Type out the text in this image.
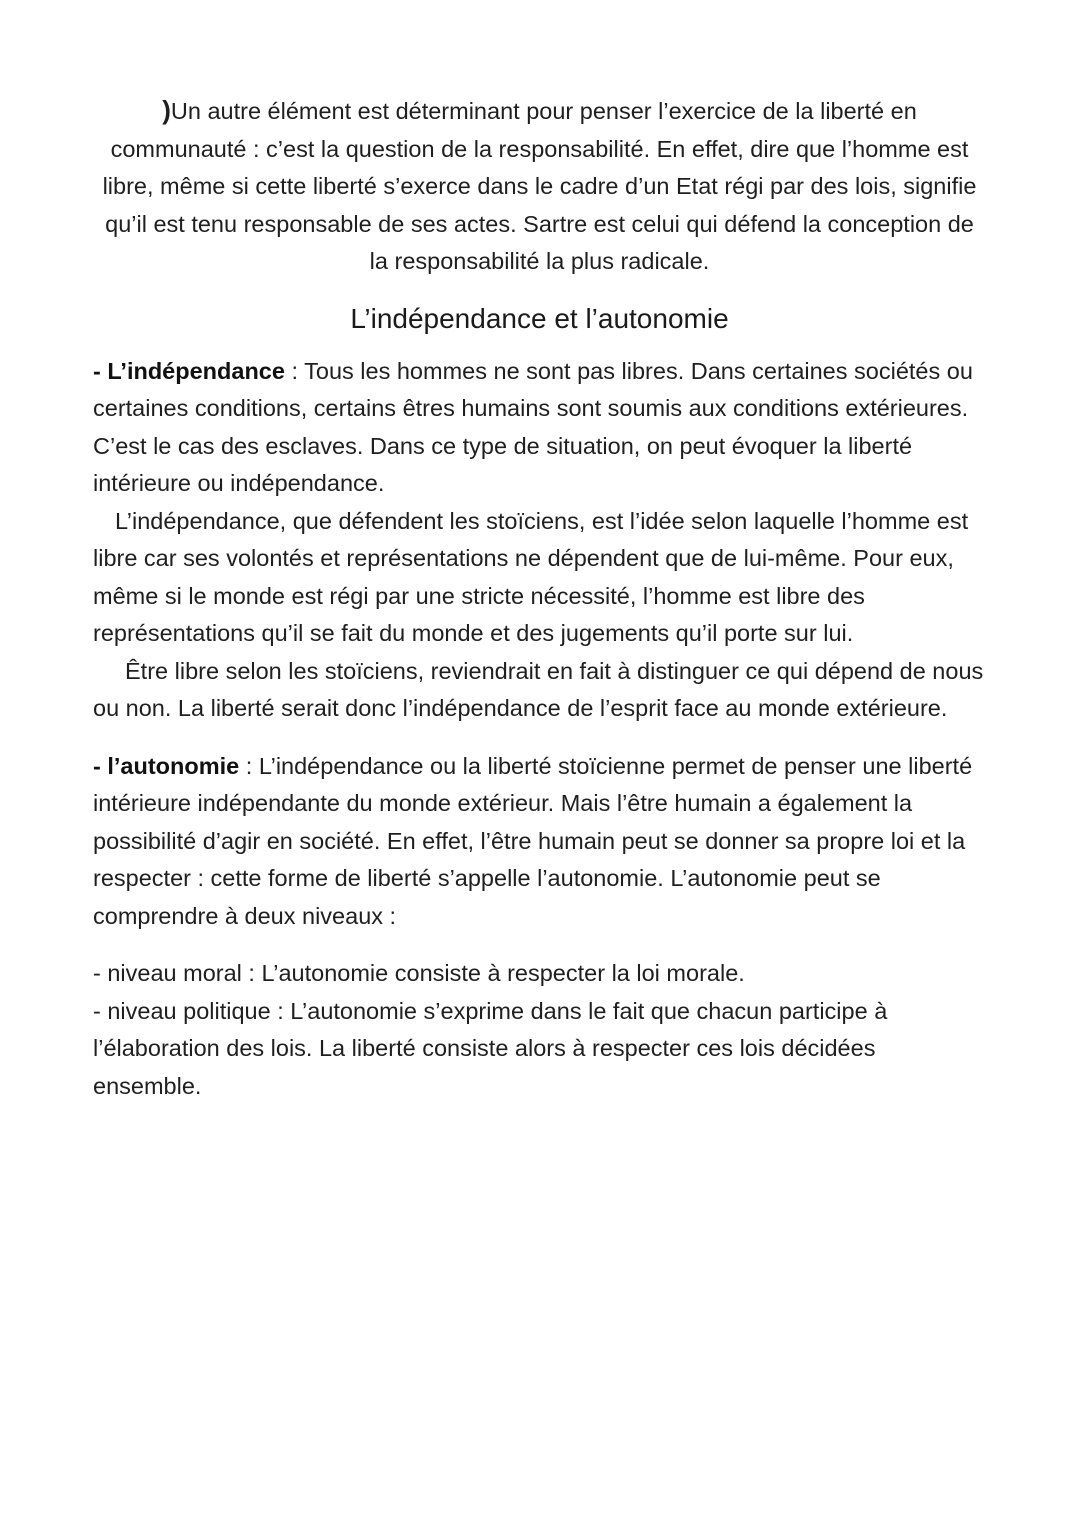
)Un autre élément est déterminant pour penser l’exercice de la liberté en communauté : c’est la question de la responsabilité. En effet, dire que l’homme est libre, même si cette liberté s’exerce dans le cadre d’un Etat régi par des lois, signifie qu’il est tenu responsable de ses actes. Sartre est celui qui défend la conception de la responsabilité la plus radicale.

L’indépendance et l’autonomie

- L’indépendance : Tous les hommes ne sont pas libres. Dans certaines sociétés ou certaines conditions, certains êtres humains sont soumis aux conditions extérieures. C’est le cas des esclaves. Dans ce type de situation, on peut évoquer la liberté intérieure ou indépendance.

L’indépendance, que défendent les stoïciens, est l’idée selon laquelle l’homme est libre car ses volontés et représentations ne dépendent que de lui-même. Pour eux, même si le monde est régi par une stricte nécessité, l’homme est libre des représentations qu’il se fait du monde et des jugements qu’il porte sur lui.

Être libre selon les stoïciens, reviendrait en fait à distinguer ce qui dépend de nous ou non. La liberté serait donc l’indépendance de l’esprit face au monde extérieure.

- l’autonomie : L’indépendance ou la liberté stoïcienne permet de penser une liberté intérieure indépendante du monde extérieur. Mais l’être humain a également la possibilité d’agir en société. En effet, l’être humain peut se donner sa propre loi et la respecter : cette forme de liberté s’appelle l’autonomie. L’autonomie peut se comprendre à deux niveaux :

- niveau moral : L’autonomie consiste à respecter la loi morale.

- niveau politique : L’autonomie s’exprime dans le fait que chacun participe à l’élaboration des lois. La liberté consiste alors à respecter ces lois décidées ensemble.
